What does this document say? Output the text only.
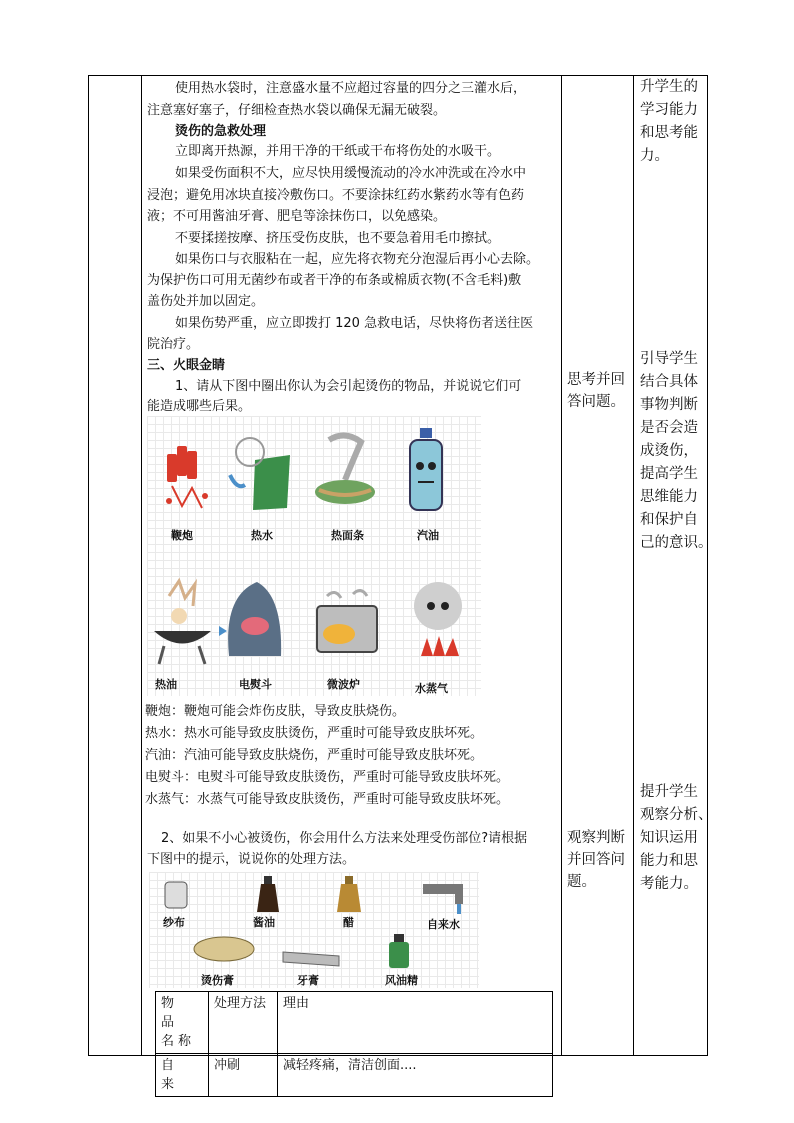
使用热水袋时，注意盛水量不应超过容量的四分之三灌水后，
注意塞好塞子，仔细检查热水袋以确保无漏无破裂。
烫伤的急救处理
立即离开热源，并用干净的干纸或干布将伤处的水吸干。
如果受伤面积不大，应尽快用缓慢流动的冷水冲洗或在冷水中
浸泡；避免用冰块直接冷敷伤口。不要涂抹红药水紫药水等有色药
液；不可用酱油牙膏、肥皂等涂抹伤口，以免感染。
不要揉搓按摩、挤压受伤皮肤，也不要急着用毛巾擦拭。
如果伤口与衣服粘在一起，应先将衣物充分泡湿后再小心去除。
为保护伤口可用无菌纱布或者干净的布条或棉质衣物(不含毛料)敷
盖伤处并加以固定。
如果伤势严重，应立即拨打 120 急救电话，尽快将伤者送往医
院治疗。
三、火眼金睛
1、请从下图中圈出你认为会引起烫伤的物品，并说说它们可
能造成哪些后果。
鞭炮	热水	热面条	汽油
热油	电熨斗	微波炉	水蒸气
鞭炮：鞭炮可能会炸伤皮肤，导致皮肤烧伤。
热水：热水可能导致皮肤烫伤，严重时可能导致皮肤坏死。
汽油：汽油可能导致皮肤烧伤，严重时可能导致皮肤坏死。
电熨斗：电熨斗可能导致皮肤烫伤，严重时可能导致皮肤坏死。
水蒸气：水蒸气可能导致皮肤烫伤，严重时可能导致皮肤坏死。
2、如果不小心被烫伤，你会用什么方法来处理受伤部位?请根据
下图中的提示，说说你的处理方法。
纱布	酱油	醋	自来水
烫伤膏	牙膏	风油精
物 品 名称	处理方法	理由
自 来	冲刷	减轻疼痛，清洁创面....
思考并回
答问题。
观察判断
并回答问
题。
升学生的
学习能力
和思考能
力。
引导学生
结合具体
事物判断
是否会造
成烫伤，
提高学生
思维能力
和保护自
己的意识。
提升学生
观察分析、
知识运用
能力和思
考能力。
